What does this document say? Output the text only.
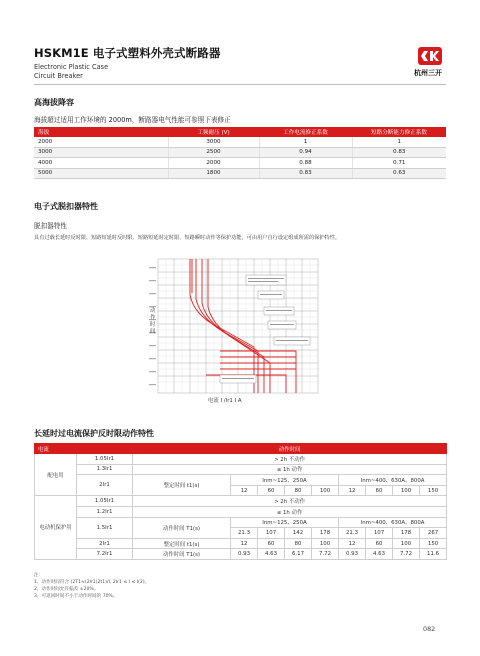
HSKM1E 电子式塑料外壳式断路器
Electronic Plastic Case
Circuit Breaker	杭州三开
高海拔降容
海拔超过适用工作环境的 2000m，断路器电气性能可参照下表修正
海拔	工频耐压 (V)	工作电流修正系数	短路分断能力修正系数
2000	3000	1	1
3000	2500	0.94	0.83
4000	2000	0.88	0.71
5000	1800	0.83	0.63
电子式脱扣器特性
脱扣器特性
具有过载长延时反时限、短路短延时反时限、短路短延时定时限、短路瞬时动作等保护功能，可由用户自行设定组成所需的保护特性。
动作时间
电流 I /Ir1 I A
长延时过电流保护反时限动作特性
电流		动作时间								
配电用	1.05Ir1	> 2h 不动作								
	1.3Ir1	≤ 1h 动作								
	2Ir1	整定时间 t1(s)	Inm~125、250A				Inm~400、630A、800A			
			12	60	80	100	12	60	100	150
电动机保护用	1.05Ir1	> 2h 不动作								
	1.2Ir1	≤ 1h 动作								
	1.5Ir1	动作时间 T1(s)	Inm~125、250A				Inm~400、630A、800A			
			21.3	107	142	178	21.3	107	178	267
	2Ir1	整定时间 t1(s)	12	60	80	100	12	60	100	150
	7.2Ir1	动作时间 T1(s)	0.93	4.63	6.17	7.72	0.93	4.63	7.72	11.6
注：
1、动作时间符合 (2T1≈(2Ir1)2t1)/I, 2Ir1 ≤ I ≤ I(2)。
2、动作时间允许偏差 ±20%。
3、可返回时间不小于动作时间的 70%。
082
